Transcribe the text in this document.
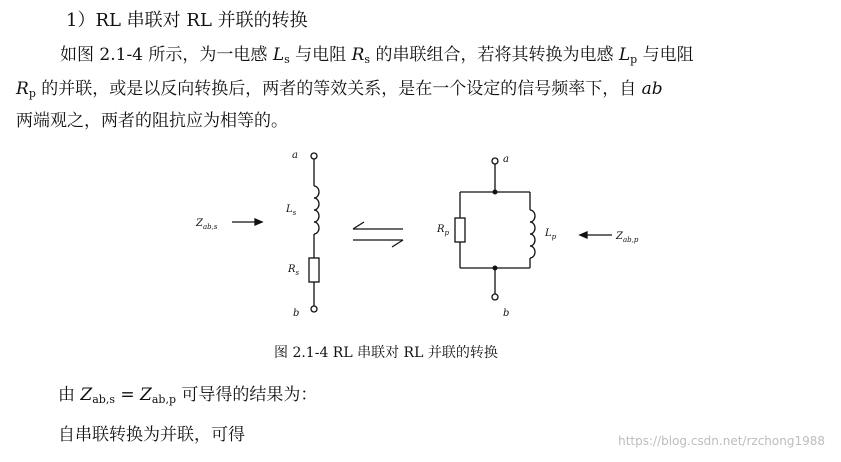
1）RL 串联对 RL 并联的转换
如图 2.1-4 所示，为一电感 $L_s$ 与电阻 $R_s$ 的串联组合，若将其转换为电感 $L_p$ 与电阻
$R_p$ 的并联，或是以反向转换后，两者的等效关系，是在一个设定的信号频率下，自 ab
两端观之，两者的阻抗应为相等的。
a
$L_s$
$R_s$
b
$Z_{ab,s}$
a
$R_p$	$L_p$
b
$Z_{ab,p}$
图 2.1-4 RL 串联对 RL 并联的转换
由 $Z_{ab,s} = Z_{ab,p}$ 可导得的结果为：
自串联转换为并联，可得	https://blog.csdn.net/rzchong1988
